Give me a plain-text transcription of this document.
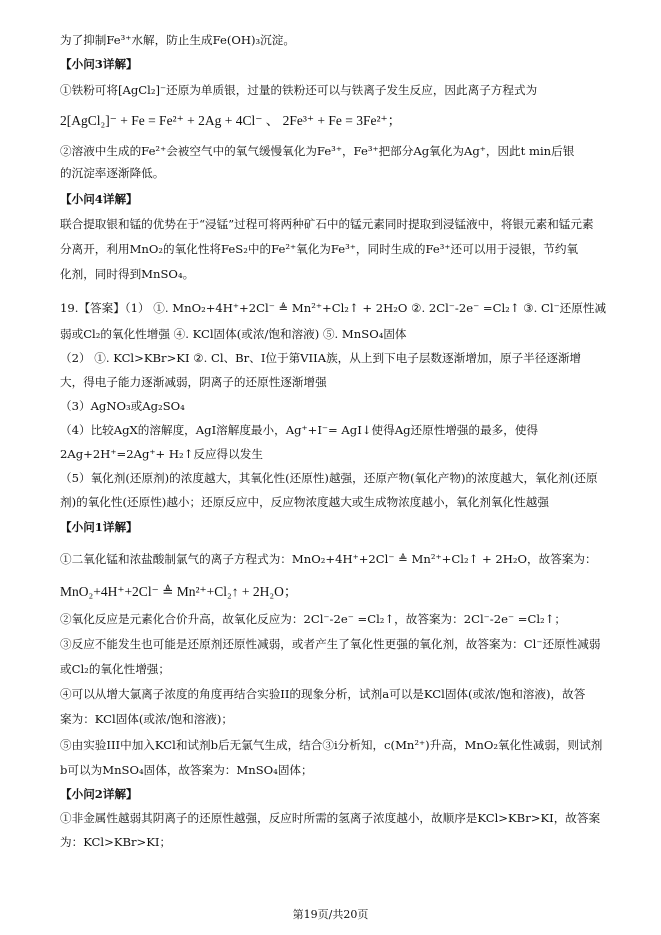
为了抑制Fe³⁺水解，防止生成Fe(OH)₃沉淀。
【小问3详解】
①铁粉可将[AgCl₂]⁻还原为单质银，过量的铁粉还可以与铁离子发生反应，因此离子方程式为
2[AgCl₂]⁻ + Fe = Fe²⁺ + 2Ag + 4Cl⁻ 、 2Fe³⁺ + Fe = 3Fe²⁺；
②溶液中生成的Fe²⁺会被空气中的氧气缓慢氧化为Fe³⁺，Fe³⁺把部分Ag氧化为Ag⁺，因此t min后银
的沉淀率逐渐降低。
【小问4详解】
联合提取银和锰的优势在于“浸锰”过程可将两种矿石中的锰元素同时提取到浸锰液中，将银元素和锰元素
分离开，利用MnO₂的氧化性将FeS₂中的Fe²⁺氧化为Fe³⁺，同时生成的Fe³⁺还可以用于浸银，节约氧
化剂，同时得到MnSO₄。
19.【答案】（1） ①. MnO₂+4H⁺+2Cl⁻ ≜ Mn²⁺+Cl₂↑ + 2H₂O ②. 2Cl⁻-2e⁻ =Cl₂↑ ③. Cl⁻还原性减
弱或Cl₂的氧化性增强 ④. KCl固体(或浓/饱和溶液) ⑤. MnSO₄固体
（2） ①. KCl>KBr>KI ②. Cl、Br、I位于第VIIA族，从上到下电子层数逐渐增加，原子半径逐渐增
大，得电子能力逐渐减弱，阴离子的还原性逐渐增强
（3）AgNO₃或Ag₂SO₄
（4）比较AgX的溶解度，AgI溶解度最小，Ag⁺+I⁻= AgI↓使得Ag还原性增强的最多，使得
2Ag+2H⁺=2Ag⁺+ H₂↑反应得以发生
（5）氧化剂(还原剂)的浓度越大，其氧化性(还原性)越强，还原产物(氧化产物)的浓度越大，氧化剂(还原
剂)的氧化性(还原性)越小；还原反应中，反应物浓度越大或生成物浓度越小，氧化剂氧化性越强
【小问1详解】
①二氧化锰和浓盐酸制氯气的离子方程式为：MnO₂+4H⁺+2Cl⁻ ≜ Mn²⁺+Cl₂↑ + 2H₂O，故答案为：
MnO₂+4H⁺+2Cl⁻ ≜ Mn²⁺+Cl₂↑ + 2H₂O；
②氧化反应是元素化合价升高，故氧化反应为：2Cl⁻-2e⁻ =Cl₂↑，故答案为：2Cl⁻-2e⁻ =Cl₂↑；
③反应不能发生也可能是还原剂还原性减弱，或者产生了氧化性更强的氧化剂，故答案为：Cl⁻还原性减弱
或Cl₂的氧化性增强；
④可以从增大氯离子浓度的角度再结合实验II的现象分析，试剂a可以是KCl固体(或浓/饱和溶液)，故答
案为：KCl固体(或浓/饱和溶液)；
⑤由实验III中加入KCl和试剂b后无氯气生成，结合③i分析知，c(Mn²⁺)升高，MnO₂氧化性减弱，则试剂
b可以为MnSO₄固体，故答案为：MnSO₄固体；
【小问2详解】
①非金属性越弱其阴离子的还原性越强，反应时所需的氢离子浓度越小，故顺序是KCl>KBr>KI，故答案
为：KCl>KBr>KI；
第19页/共20页
